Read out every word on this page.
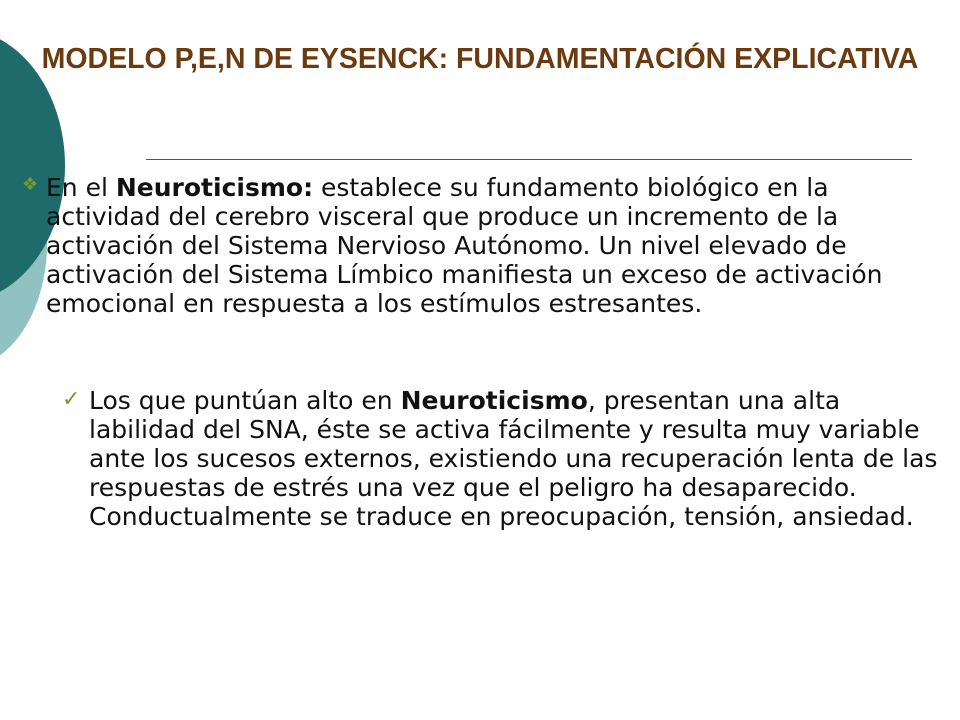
MODELO P,E,N DE EYSENCK: FUNDAMENTACIÓN EXPLICATIVA
❖ En el Neuroticismo: establece su fundamento biológico en la actividad del cerebro visceral que produce un incremento de la activación del Sistema Nervioso Autónomo. Un nivel elevado de activación del Sistema Límbico manifiesta un exceso de activación emocional en respuesta a los estímulos estresantes.
✓ Los que puntúan alto en Neuroticismo, presentan una alta labilidad del SNA, éste se activa fácilmente y resulta muy variable ante los sucesos externos, existiendo una recuperación lenta de las respuestas de estrés una vez que el peligro ha desaparecido. Conductualmente se traduce en preocupación, tensión, ansiedad.
